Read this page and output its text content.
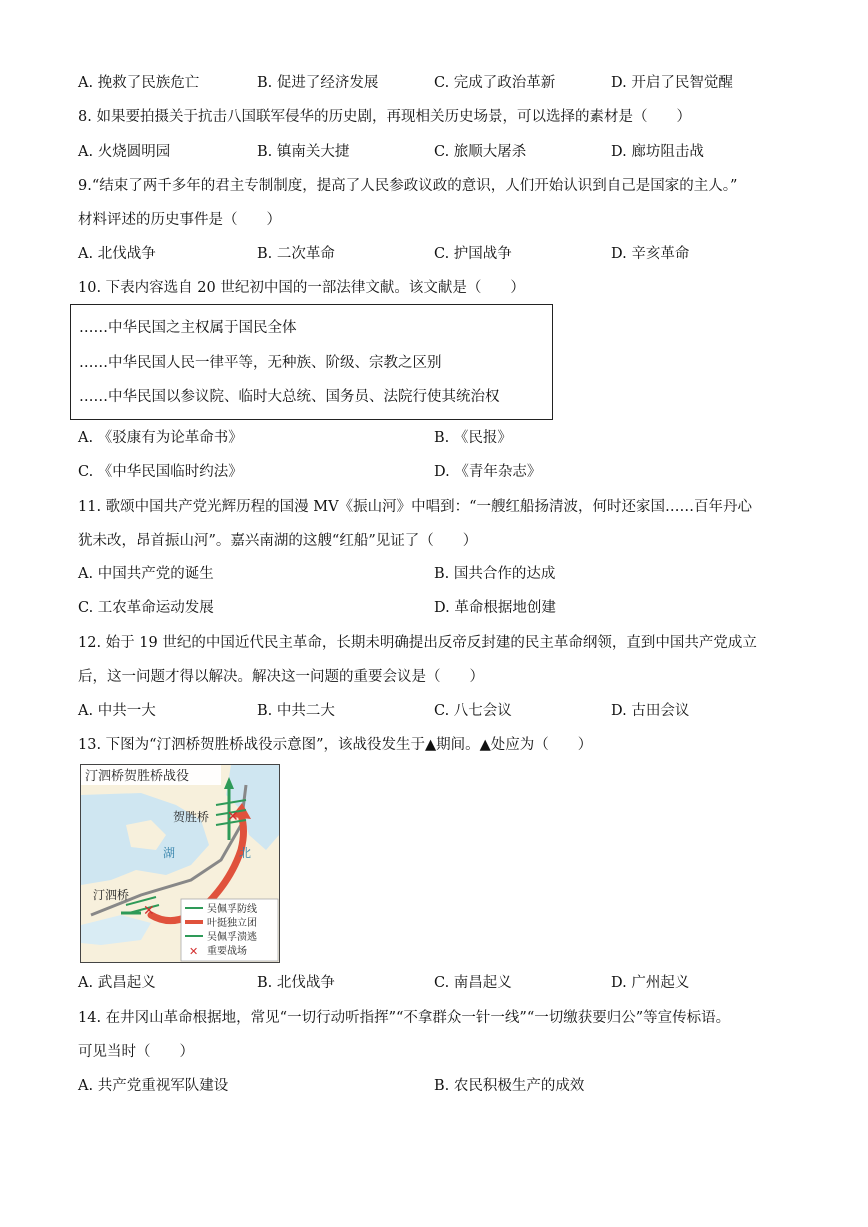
A. 挽救了民族危亡	B. 促进了经济发展	C. 完成了政治革新	D. 开启了民智觉醒
8. 如果要拍摄关于抗击八国联军侵华的历史剧，再现相关历史场景，可以选择的素材是（　　）
A. 火烧圆明园	B. 镇南关大捷	C. 旅顺大屠杀	D. 廊坊阻击战
9.“结束了两千多年的君主专制制度，提高了人民参政议政的意识，人们开始认识到自己是国家的主人。”
材料评述的历史事件是（　　）
A. 北伐战争	B. 二次革命	C. 护国战争	D. 辛亥革命
10. 下表内容选自 20 世纪初中国的一部法律文献。该文献是（　　）
……中华民国之主权属于国民全体
……中华民国人民一律平等，无种族、阶级、宗教之区别
……中华民国以参议院、临时大总统、国务员、法院行使其统治权
A. 《驳康有为论革命书》	B. 《民报》
C. 《中华民国临时约法》	D. 《青年杂志》
11. 歌颂中国共产党光辉历程的国漫 MV《振山河》中唱到：“一艘红船扬清波，何时还家国……百年丹心
犹未改，昂首振山河”。嘉兴南湖的这艘“红船”见证了（　　）
A. 中国共产党的诞生	B. 国共合作的达成
C. 工农革命运动发展	D. 革命根据地创建
12. 始于 19 世纪的中国近代民主革命，长期未明确提出反帝反封建的民主革命纲领，直到中国共产党成立
后，这一问题才得以解决。解决这一问题的重要会议是（　　）
A. 中共一大	B. 中共二大	C. 八七会议	D. 古田会议
13. 下图为“汀泗桥贺胜桥战役示意图”，该战役发生于▲期间。▲处应为（　　）
✕
✕
贺胜桥
汀泗桥
湖	北
汀泗桥贺胜桥战役
吴佩孚防线
叶挺独立团
吴佩孚溃逃
✕ 重要战场
A. 武昌起义	B. 北伐战争	C. 南昌起义	D. 广州起义
14. 在井冈山革命根据地，常见“一切行动听指挥”“不拿群众一针一线”“一切缴获要归公”等宣传标语。
可见当时（　　）
A. 共产党重视军队建设	B. 农民积极生产的成效
